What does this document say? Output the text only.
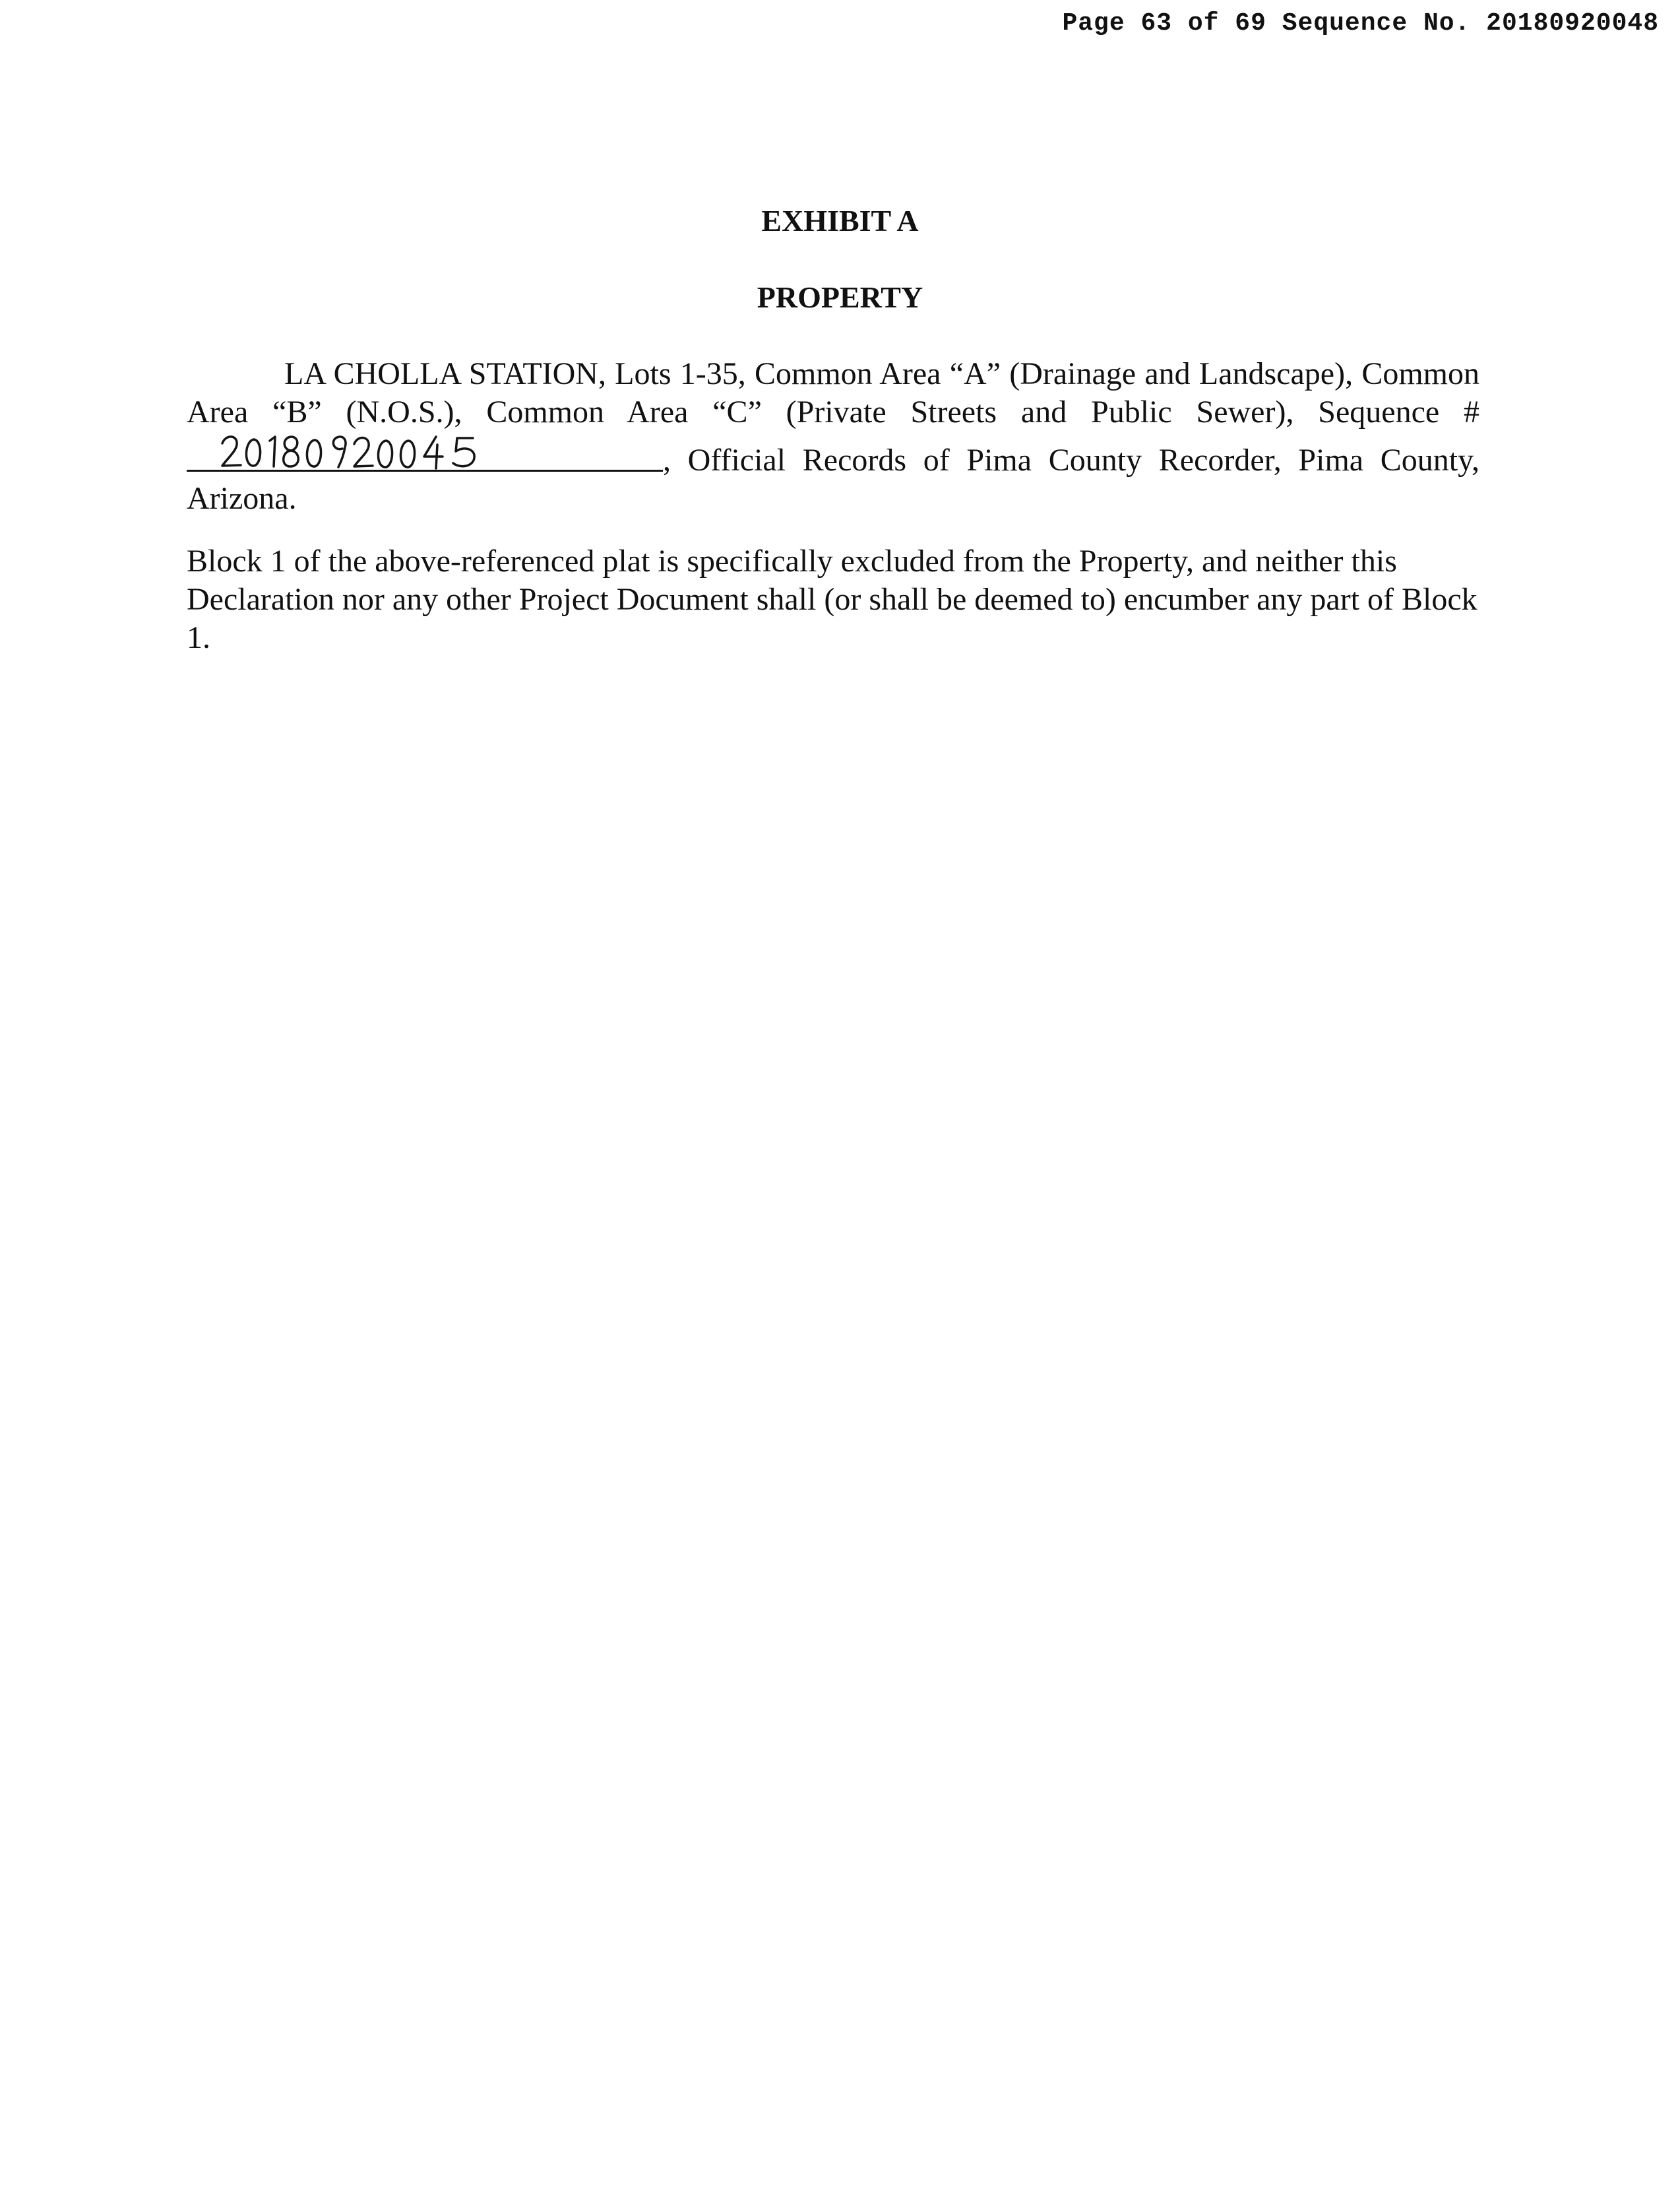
Page 63 of 69 Sequence No. 20180920048
EXHIBIT A
PROPERTY

LA CHOLLA STATION, Lots 1-35, Common Area “A” (Drainage and Landscape), Common Area “B” (N.O.S.), Common Area “C” (Private Streets and Public Sewer), Sequence #
, Official Records of Pima County Recorder, Pima County, Arizona.

Block 1 of the above-referenced plat is specifically excluded from the Property, and neither this Declaration nor any other Project Document shall (or shall be deemed to) encumber any part of Block 1.
